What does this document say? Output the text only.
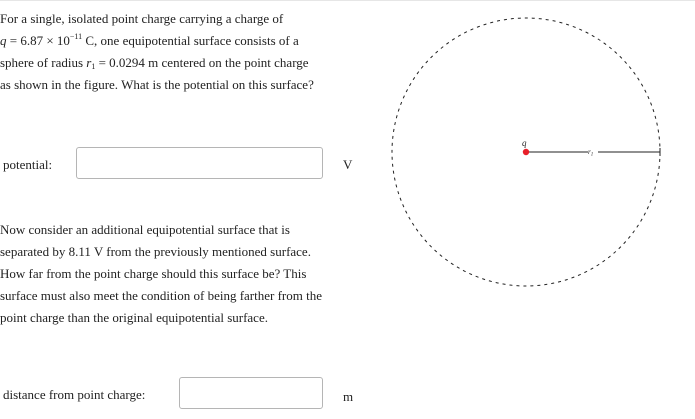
For a single, isolated point charge carrying a charge of
$q = 6.87 \times 10^{-11}$ C, one equipotential surface consists of a
sphere of radius $r_1 = 0.0294$ m centered on the point charge
as shown in the figure. What is the potential on this surface?

potential:	V

Now consider an additional equipotential surface that is
separated by 8.11 V from the previously mentioned surface.
How far from the point charge should this surface be? This
surface must also meet the condition of being farther from the
point charge than the original equipotential surface.

distance from point charge:	m
q
$r_1$
